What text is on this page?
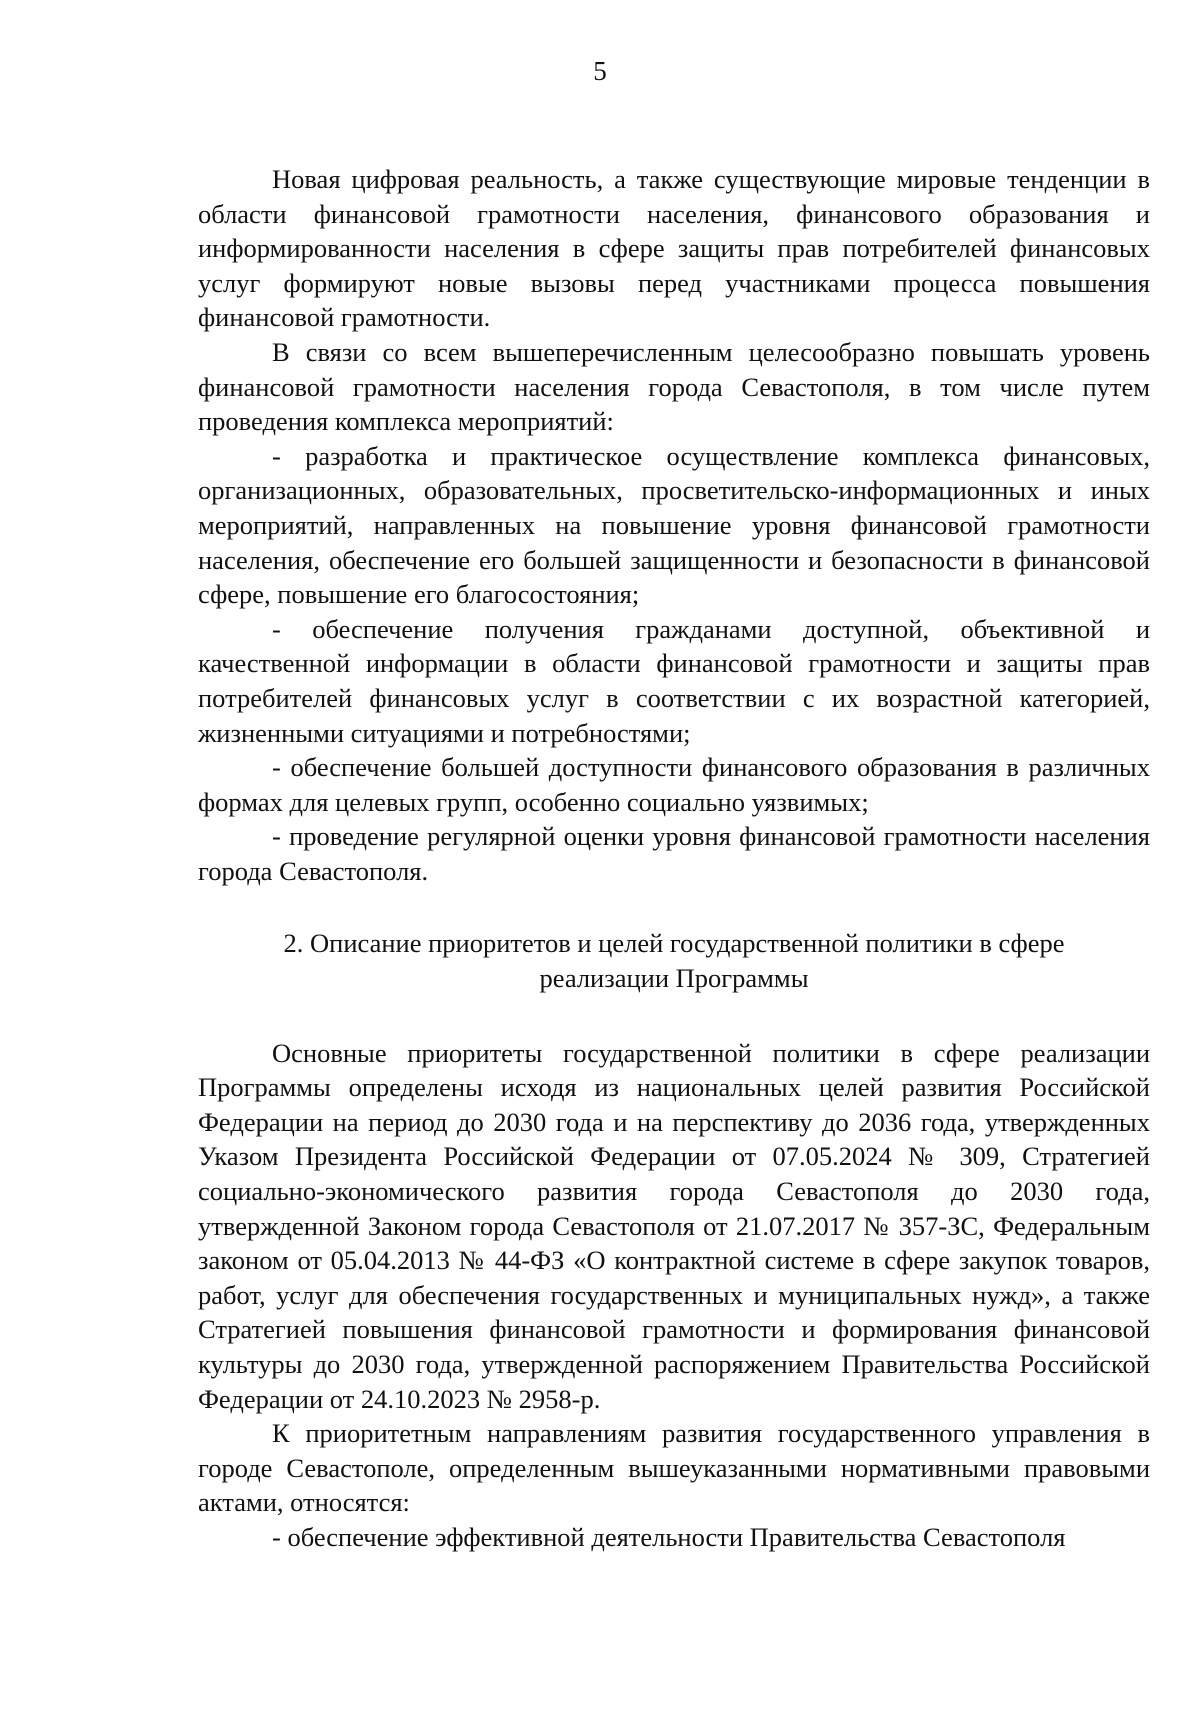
5

Новая цифровая реальность, а также существующие мировые тенденции в области финансовой грамотности населения, финансового образования и информированности населения в сфере защиты прав потребителей финансовых услуг формируют новые вызовы перед участниками процесса повышения финансовой грамотности.

В связи со всем вышеперечисленным целесообразно повышать уровень финансовой грамотности населения города Севастополя, в том числе путем проведения комплекса мероприятий:

- разработка и практическое осуществление комплекса финансовых, организационных, образовательных, просветительско-информационных и иных мероприятий, направленных на повышение уровня финансовой грамотности населения, обеспечение его большей защищенности и безопасности в финансовой сфере, повышение его благосостояния;

- обеспечение получения гражданами доступной, объективной и качественной информации в области финансовой грамотности и защиты прав потребителей финансовых услуг в соответствии с их возрастной категорией, жизненными ситуациями и потребностями;

- обеспечение большей доступности финансового образования в различных формах для целевых групп, особенно социально уязвимых;

- проведение регулярной оценки уровня финансовой грамотности населения города Севастополя.

2. Описание приоритетов и целей государственной политики в сфере
реализации Программы

Основные приоритеты государственной политики в сфере реализации Программы определены исходя из национальных целей развития Российской Федерации на период до 2030 года и на перспективу до 2036 года, утвержденных Указом Президента Российской Федерации от 07.05.2024 № 309, Стратегией социально-экономического развития города Севастополя до 2030 года, утвержденной Законом города Севастополя от 21.07.2017 № 357-ЗС, Федеральным законом от 05.04.2013 № 44-ФЗ «О контрактной системе в сфере закупок товаров, работ, услуг для обеспечения государственных и муниципальных нужд», а также Стратегией повышения финансовой грамотности и формирования финансовой культуры до 2030 года, утвержденной распоряжением Правительства Российской Федерации от 24.10.2023 № 2958-р.

К приоритетным направлениям развития государственного управления в городе Севастополе, определенным вышеуказанными нормативными правовыми актами, относятся:

- обеспечение эффективной деятельности Правительства Севастополя
